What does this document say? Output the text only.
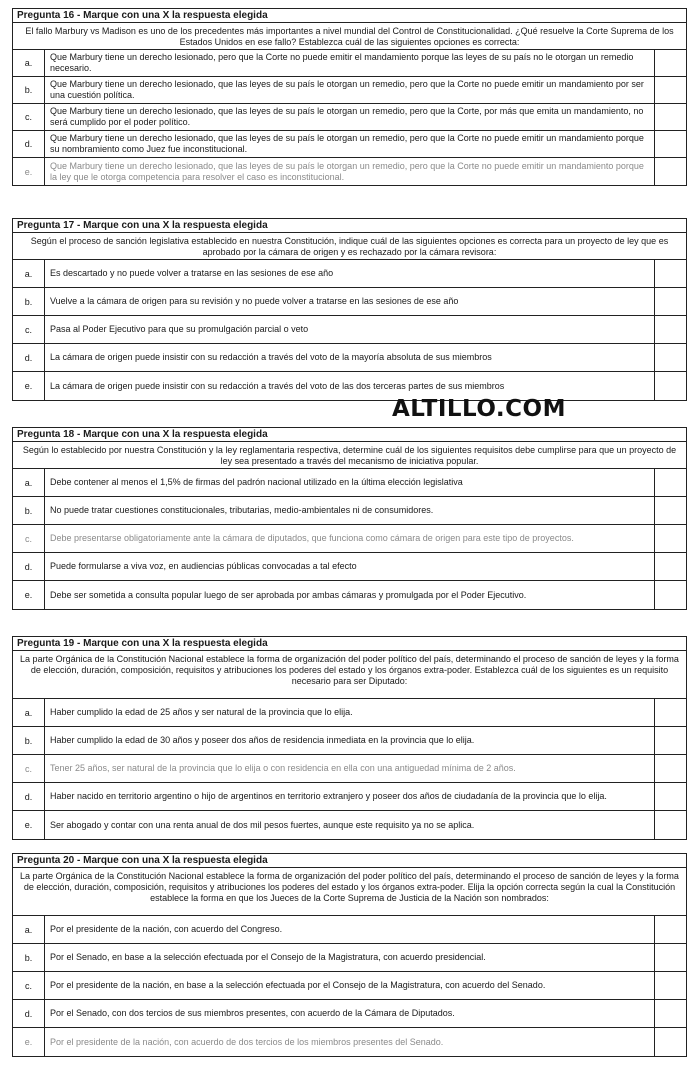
Pregunta 16 - Marque con una X la respuesta elegida
El fallo Marbury vs Madison es uno de los precedentes más importantes a nivel mundial del Control de Constitucionalidad. ¿Qué resuelve la Corte Suprema de los Estados Unidos en ese fallo? Establezca cuál de las siguientes opciones es correcta:
a.
Que Marbury tiene un derecho lesionado, pero que la Corte no puede emitir el mandamiento porque las leyes de su país no le otorgan un remedio necesario.
b.
Que Marbury tiene un derecho lesionado, que las leyes de su país le otorgan un remedio, pero que la Corte no puede emitir un mandamiento por ser una cuestión política.
c.
Que Marbury tiene un derecho lesionado, que las leyes de su país le otorgan un remedio, pero que la Corte, por más que emita un mandamiento, no será cumplido por el poder político.
d.
Que Marbury tiene un derecho lesionado, que las leyes de su país le otorgan un remedio, pero que la Corte no puede emitir un mandamiento porque su nombramiento como Juez fue inconstitucional.
e.
Que Marbury tiene un derecho lesionado, que las leyes de su país le otorgan un remedio, pero que la Corte no puede emitir un mandamiento porque la ley que le otorga competencia para resolver el caso es inconstitucional.
Pregunta 17 - Marque con una X la respuesta elegida
Según el proceso de sanción legislativa establecido en nuestra Constitución, indique cuál de las siguientes opciones es correcta para un proyecto de ley que es aprobado por la cámara de origen y es rechazado por la cámara revisora:
a.	Es descartado y no puede volver a tratarse en las sesiones de ese año
b.	Vuelve a la cámara de origen para su revisión y no puede volver a tratarse en las sesiones de ese año
c.	Pasa al Poder Ejecutivo para que su promulgación parcial o veto
d.	La cámara de origen puede insistir con su redacción a través del voto de la mayoría absoluta de sus miembros
e.	La cámara de origen puede insistir con su redacción a través del voto de las dos terceras partes de sus miembros
ALTILLO.COM
Pregunta 18 - Marque con una X la respuesta elegida
Según lo establecido por nuestra Constitución y la ley reglamentaria respectiva, determine cuál de los siguientes requisitos debe cumplirse para que un proyecto de ley sea presentado a través del mecanismo de iniciativa popular.
a.	Debe contener al menos el 1,5% de firmas del padrón nacional utilizado en la última elección legislativa
b.	No puede tratar cuestiones constitucionales, tributarias, medio-ambientales ni de consumidores.
c.	Debe presentarse obligatoriamente ante la cámara de diputados, que funciona como cámara de origen para este tipo de proyectos.
d.	Puede formularse a viva voz, en audiencias públicas convocadas a tal efecto
e.	Debe ser sometida a consulta popular luego de ser aprobada por ambas cámaras y promulgada por el Poder Ejecutivo.
Pregunta 19 - Marque con una X la respuesta elegida
La parte Orgánica de la Constitución Nacional establece la forma de organización del poder político del país, determinando el proceso de sanción de leyes y la forma de elección, duración, composición, requisitos y atribuciones los poderes del estado y los órganos extra-poder. Establezca cuál de los siguientes es un requisito necesario para ser Diputado:
a.	Haber cumplido la edad de 25 años y ser natural de la provincia que lo elija.
b.	Haber cumplido la edad de 30 años y poseer dos años de residencia inmediata en la provincia que lo elija.
c.	Tener 25 años, ser natural de la provincia que lo elija o con residencia en ella con una antiguedad mínima de 2 años.
d.	Haber nacido en territorio argentino o hijo de argentinos en territorio extranjero y poseer dos años de ciudadanía de la provincia que lo elija.
e.	Ser abogado y contar con una renta anual de dos mil pesos fuertes, aunque este requisito ya no se aplica.
Pregunta 20 - Marque con una X la respuesta elegida
La parte Orgánica de la Constitución Nacional establece la forma de organización del poder político del país, determinando el proceso de sanción de leyes y la forma de elección, duración, composición, requisitos y atribuciones los poderes del estado y los órganos extra-poder. Elija la opción correcta según la cual la Constitución establece la forma en que los Jueces de la Corte Suprema de Justicia de la Nación son nombrados:
a.	Por el presidente de la nación, con acuerdo del Congreso.
b.	Por el Senado, en base a la selección efectuada por el Consejo de la Magistratura, con acuerdo presidencial.
c.	Por el presidente de la nación, en base a la selección efectuada por el Consejo de la Magistratura, con acuerdo del Senado.
d.	Por el Senado, con dos tercios de sus miembros presentes, con acuerdo de la Cámara de Diputados.
e.	Por el presidente de la nación, con acuerdo de dos tercios de los miembros presentes del Senado.
